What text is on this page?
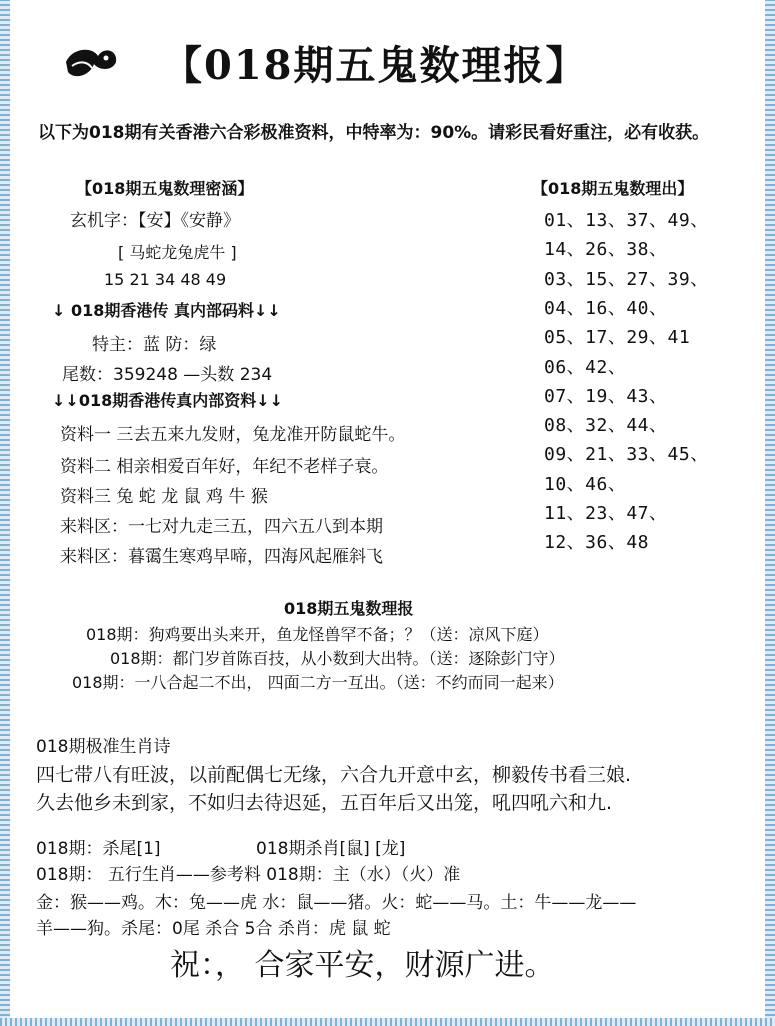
【018期五鬼数理报】
以下为018期有关香港六合彩极准资料，中特率为：90%。请彩民看好重注，必有收获。
【018期五鬼数理密涵】
玄机字：【安】《安静》
[ 马蛇龙兔虎牛 ]
15 21 34 48 49
↓ 018期香港传 真内部码料↓↓
特主：蓝 防：绿
尾数：359248 —头数 234
↓↓018期香港传真内部资料↓↓
资料一 三去五来九发财，兔龙准开防鼠蛇牛。
资料二 相亲相爱百年好，年纪不老样子衰。
资料三 兔 蛇 龙 鼠 鸡 牛 猴
来料区：一七对九走三五，四六五八到本期
来料区：暮霭生寒鸡早啼，四海风起雁斜飞
【018期五鬼数理出】
01、13、37、49、
14、26、38、
03、15、27、39、
04、16、40、
05、17、29、41
06、42、
07、19、43、
08、32、44、
09、21、33、45、
10、46、
11、23、47、
12、36、48
018期五鬼数理报
018期：狗鸡要出头来开，鱼龙怪兽罕不备；？（送：凉风下庭）
018期：都门岁首陈百技，从小数到大出特。（送：逐除彭门守）
018期：一八合起二不出， 四面二方一互出。（送：不约而同一起来）
018期极准生肖诗
四七带八有旺波，以前配偶七无缘，六合九开意中玄，柳毅传书看三娘.
久去他乡未到家，不如归去待迟延，五百年后又出笼，吼四吼六和九.
018期：杀尾[1]	018期杀肖[鼠] [龙]
018期： 五行生肖——参考料 018期：主（水）（火）准
金：猴——鸡。木：兔——虎 水：鼠——猪。火：蛇——马。土：牛——龙——
羊——狗。杀尾：0尾 杀合 5合 杀肖：虎 鼠 蛇
祝：， 合家平安，财源广进。
